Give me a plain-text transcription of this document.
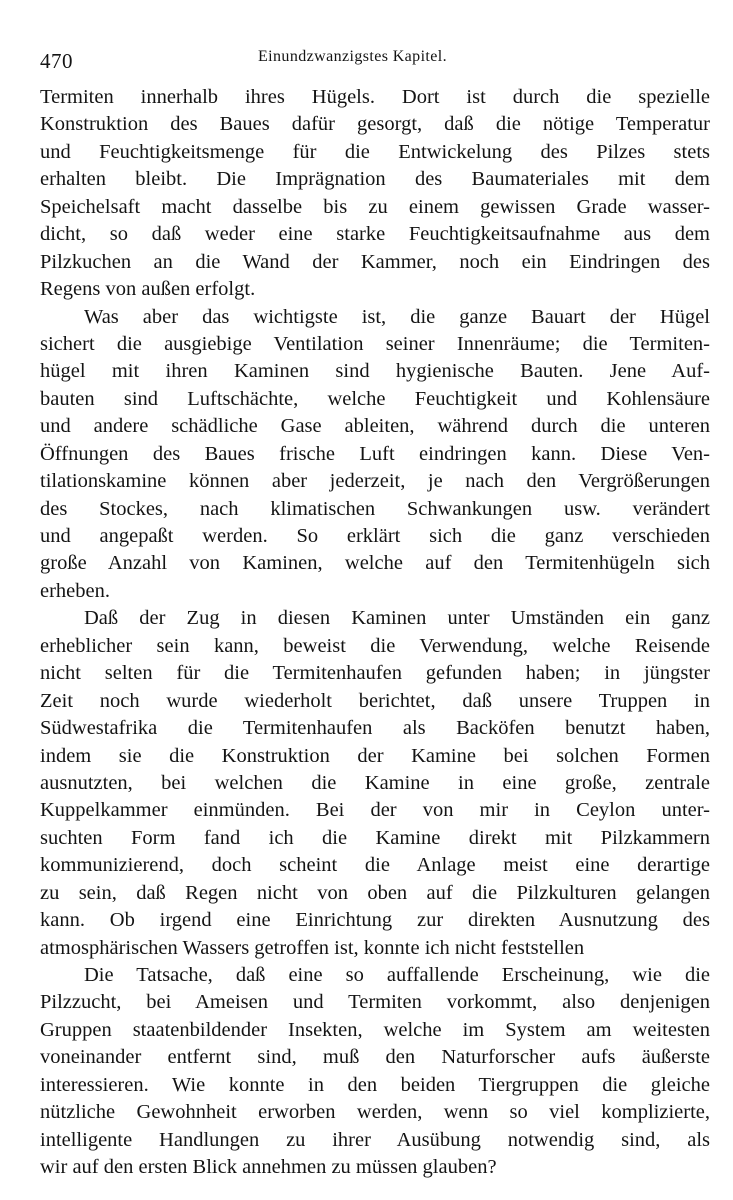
470	Einundzwanzigstes Kapitel.
Termiten innerhalb ihres Hügels. Dort ist durch die spezielle
Konstruktion des Baues dafür gesorgt, daß die nötige Temperatur
und Feuchtigkeitsmenge für die Entwickelung des Pilzes stets
erhalten bleibt. Die Imprägnation des Baumateriales mit dem
Speichelsaft macht dasselbe bis zu einem gewissen Grade wasser-
dicht, so daß weder eine starke Feuchtigkeitsaufnahme aus dem
Pilzkuchen an die Wand der Kammer, noch ein Eindringen des
Regens von außen erfolgt.
Was aber das wichtigste ist, die ganze Bauart der Hügel
sichert die ausgiebige Ventilation seiner Innenräume; die Termiten-
hügel mit ihren Kaminen sind hygienische Bauten. Jene Auf-
bauten sind Luftschächte, welche Feuchtigkeit und Kohlensäure
und andere schädliche Gase ableiten, während durch die unteren
Öffnungen des Baues frische Luft eindringen kann. Diese Ven-
tilationskamine können aber jederzeit, je nach den Vergrößerungen
des Stockes, nach klimatischen Schwankungen usw. verändert
und angepaßt werden. So erklärt sich die ganz verschieden
große Anzahl von Kaminen, welche auf den Termitenhügeln sich
erheben.
Daß der Zug in diesen Kaminen unter Umständen ein ganz
erheblicher sein kann, beweist die Verwendung, welche Reisende
nicht selten für die Termitenhaufen gefunden haben; in jüngster
Zeit noch wurde wiederholt berichtet, daß unsere Truppen in
Südwestafrika die Termitenhaufen als Backöfen benutzt haben,
indem sie die Konstruktion der Kamine bei solchen Formen
ausnutzten, bei welchen die Kamine in eine große, zentrale
Kuppelkammer einmünden. Bei der von mir in Ceylon unter-
suchten Form fand ich die Kamine direkt mit Pilzkammern
kommunizierend, doch scheint die Anlage meist eine derartige
zu sein, daß Regen nicht von oben auf die Pilzkulturen gelangen
kann. Ob irgend eine Einrichtung zur direkten Ausnutzung des
atmosphärischen Wassers getroffen ist, konnte ich nicht feststellen
Die Tatsache, daß eine so auffallende Erscheinung, wie die
Pilzzucht, bei Ameisen und Termiten vorkommt, also denjenigen
Gruppen staatenbildender Insekten, welche im System am weitesten
voneinander entfernt sind, muß den Naturforscher aufs äußerste
interessieren. Wie konnte in den beiden Tiergruppen die gleiche
nützliche Gewohnheit erworben werden, wenn so viel komplizierte,
intelligente Handlungen zu ihrer Ausübung notwendig sind, als
wir auf den ersten Blick annehmen zu müssen glauben?
